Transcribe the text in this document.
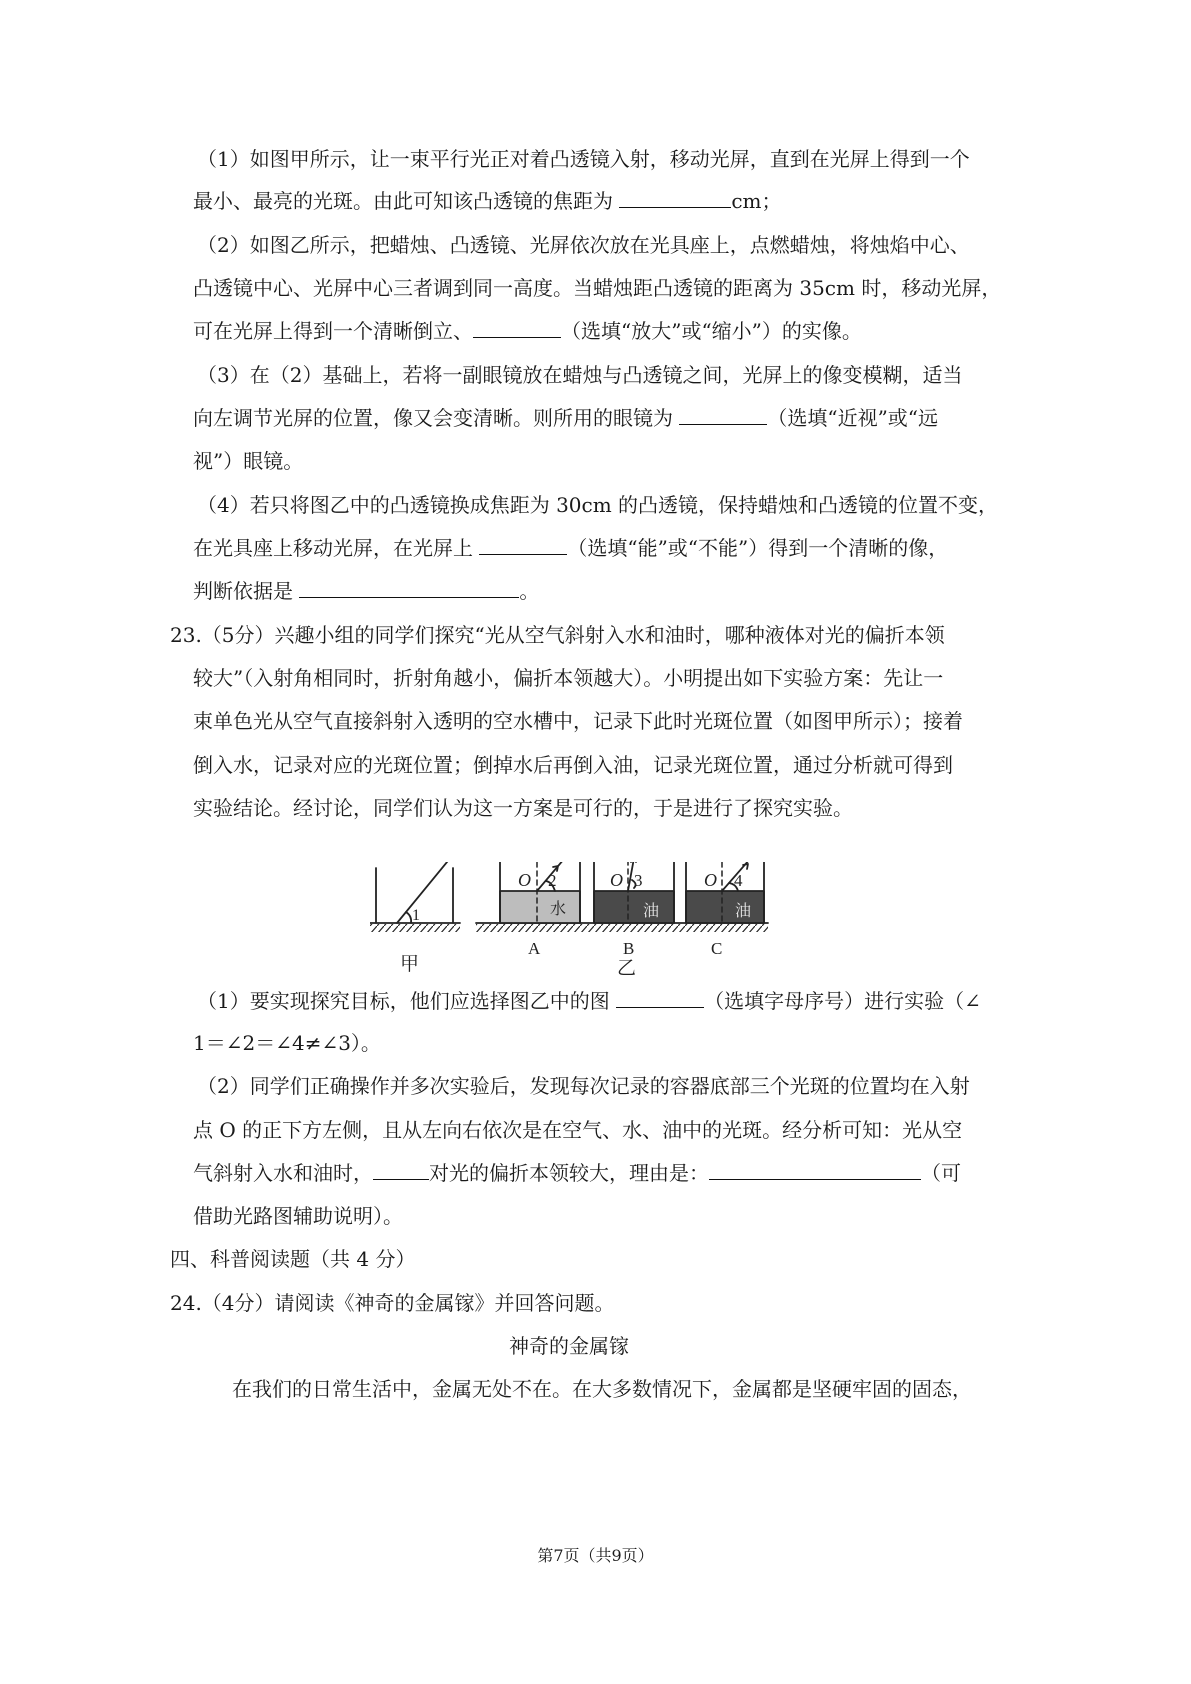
（1）如图甲所示，让一束平行光正对着凸透镜入射，移动光屏，直到在光屏上得到一个
最小、最亮的光斑。由此可知该凸透镜的焦距为	cm；
（2）如图乙所示，把蜡烛、凸透镜、光屏依次放在光具座上，点燃蜡烛，将烛焰中心、
凸透镜中心、光屏中心三者调到同一高度。当蜡烛距凸透镜的距离为 35cm 时，移动光屏，
可在光屏上得到一个清晰倒立、	（选填“放大”或“缩小”）的实像。
（3）在（2）基础上，若将一副眼镜放在蜡烛与凸透镜之间，光屏上的像变模糊，适当
向左调节光屏的位置，像又会变清晰。则所用的眼镜为	（选填“近视”或“远
视”）眼镜。
（4）若只将图乙中的凸透镜换成焦距为 30cm 的凸透镜，保持蜡烛和凸透镜的位置不变，
在光具座上移动光屏，在光屏上	（选填“能”或“不能”）得到一个清晰的像，
判断依据是	。
23.（5分）兴趣小组的同学们探究“光从空气斜射入水和油时，哪种液体对光的偏折本领
较大”（入射角相同时，折射角越小，偏折本领越大）。小明提出如下实验方案：先让一
束单色光从空气直接斜射入透明的空水槽中，记录下此时光斑位置（如图甲所示）；接着
倒入水，记录对应的光斑位置；倒掉水后再倒入油，记录光斑位置，通过分析就可得到
实验结论。经讨论，同学们认为这一方案是可行的，于是进行了探究实验。
1
O 2
水
O 3
油
O 4
油
A	B	C
甲	乙
（1）要实现探究目标，他们应选择图乙中的图	（选填字母序号）进行实验（∠
1＝∠2＝∠4≠∠3）。
（2）同学们正确操作并多次实验后，发现每次记录的容器底部三个光斑的位置均在入射
点 O 的正下方左侧，且从左向右依次是在空气、水、油中的光斑。经分析可知：光从空
气斜射入水和油时，	对光的偏折本领较大，理由是：	（可
借助光路图辅助说明）。
四、科普阅读题（共 4 分）
24.（4分）请阅读《神奇的金属镓》并回答问题。
神奇的金属镓
在我们的日常生活中，金属无处不在。在大多数情况下，金属都是坚硬牢固的固态，
第7页（共9页）
